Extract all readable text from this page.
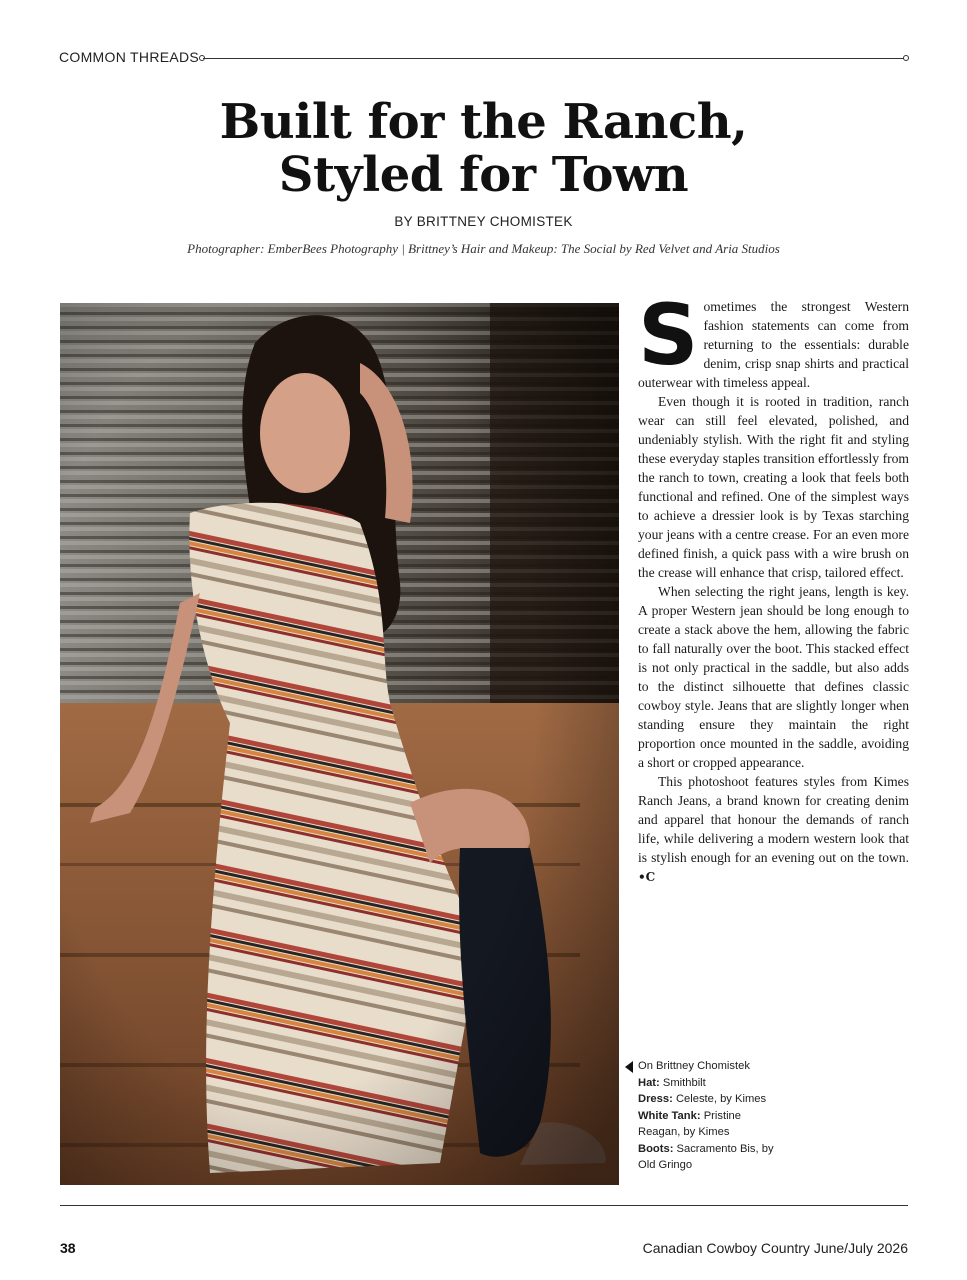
COMMON THREADS
Built for the Ranch,
Styled for Town
BY BRITTNEY CHOMISTEK
Photographer: EmberBees Photography | Brittney’s Hair and Makeup: The Social by Red Velvet and Aria Studios

Sometimes the strongest Western fashion statements can come from returning to the essentials: durable denim, crisp snap shirts and practical outerwear with timeless appeal.

Even though it is rooted in tradition, ranch wear can still feel elevated, polished, and undeniably stylish. With the right fit and styling these everyday staples transition effortlessly from the ranch to town, creating a look that feels both functional and refined. One of the simplest ways to achieve a dressier look is by Texas starching your jeans with a centre crease. For an even more defined finish, a quick pass with a wire brush on the crease will enhance that crisp, tailored effect.

When selecting the right jeans, length is key. A proper Western jean should be long enough to create a stack above the hem, allowing the fabric to fall naturally over the boot. This stacked effect is not only practical in the saddle, but also adds to the distinct silhouette that defines classic cowboy style. Jeans that are slightly longer when standing ensure they maintain the right proportion once mounted in the saddle, avoiding a short or cropped appearance.

This photoshoot features styles from Kimes Ranch Jeans, a brand known for creating denim and apparel that honour the demands of ranch life, while delivering a modern western look that is stylish enough for an evening out on the town. •C

On Brittney Chomistek
Hat: Smithbilt
Dress: Celeste, by Kimes
White Tank: Pristine Reagan, by Kimes
Boots: Sacramento Bis, by Old Gringo
38	Canadian Cowboy Country June/July 2026
